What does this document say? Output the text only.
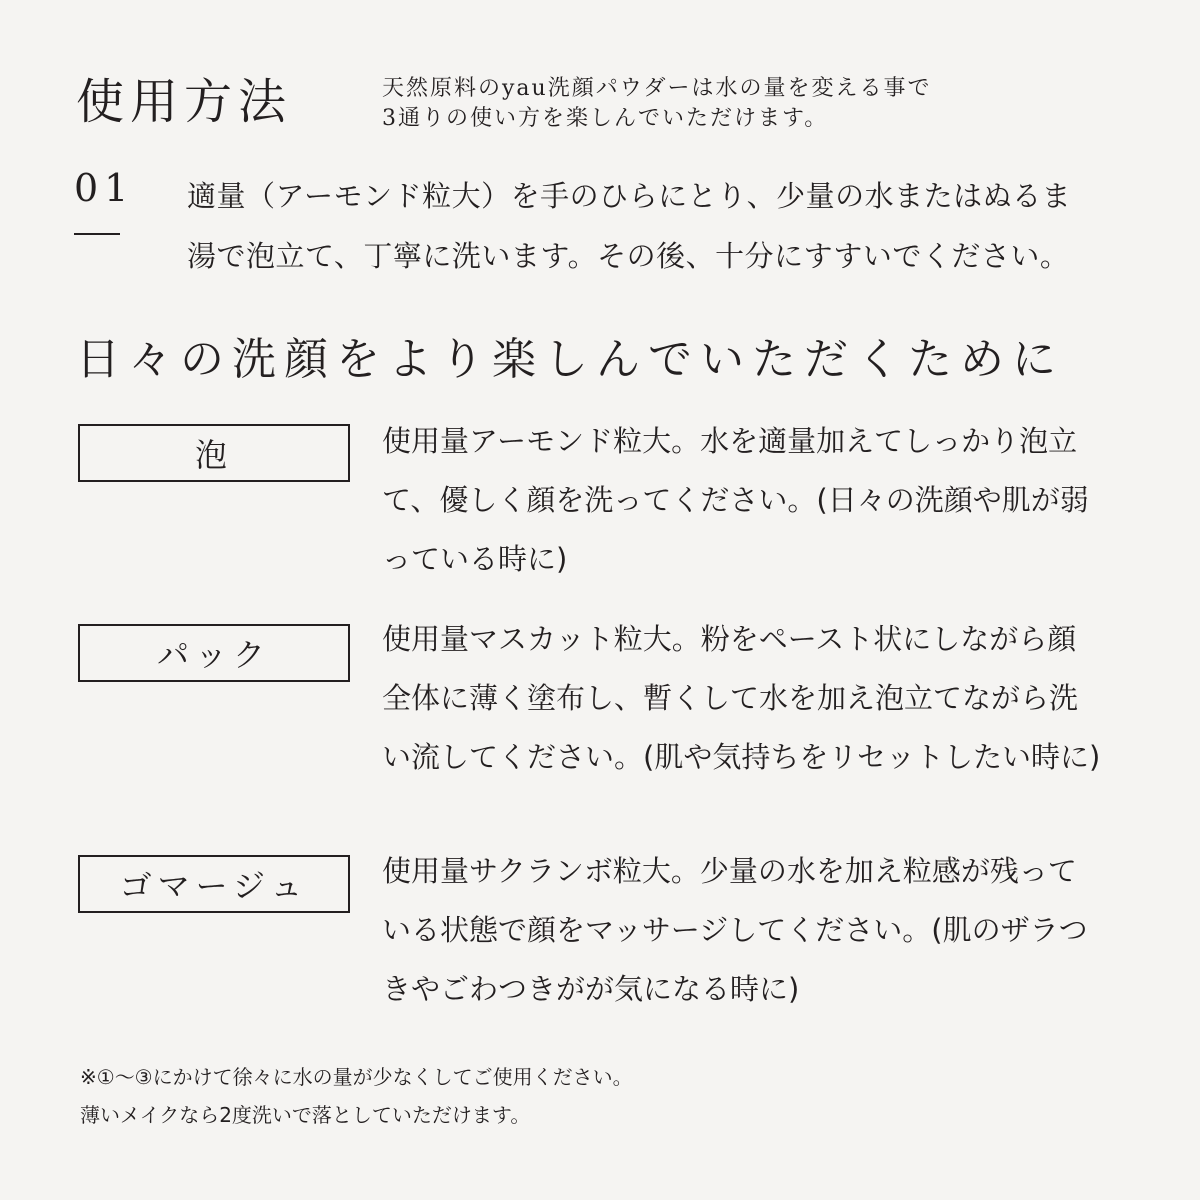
使用方法	天然原料のyau洗顔パウダーは水の量を変える事で
3通りの使い方を楽しんでいただけます。
01 適量（アーモンド粒大）を手のひらにとり、少量の水またはぬるま
湯で泡立て、丁寧に洗います。その後、十分にすすいでください。
日々の洗顔をより楽しんでいただくために
泡	使用量アーモンド粒大。水を適量加えてしっかり泡立
て、優しく顔を洗ってください。(日々の洗顔や肌が弱
っている時に)
パック	使用量マスカット粒大。粉をペースト状にしながら顔
全体に薄く塗布し、暫くして水を加え泡立てながら洗
い流してください。(肌や気持ちをリセットしたい時に)
ゴマージュ	使用量サクランボ粒大。少量の水を加え粒感が残って
いる状態で顔をマッサージしてください。(肌のザラつ
きやごわつきがが気になる時に)
※①〜③にかけて徐々に水の量が少なくしてご使用ください。
薄いメイクなら2度洗いで落としていただけます。
